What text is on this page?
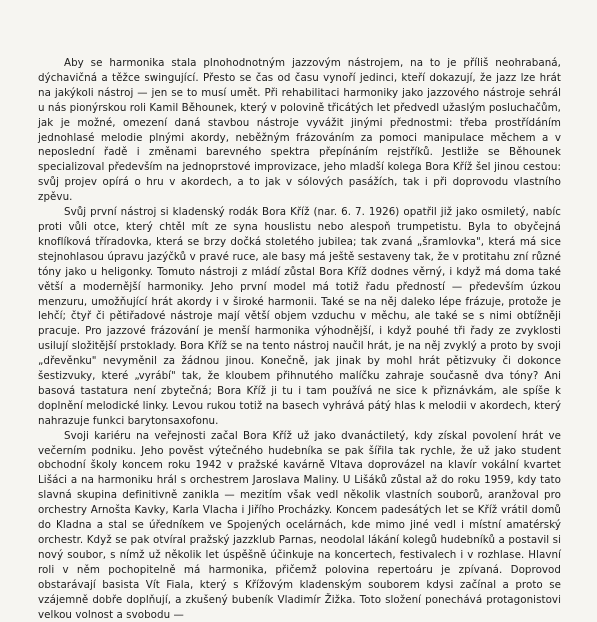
Aby se harmonika stala plnohodnotným jazzovým nástrojem, na to je příliš neohrabaná, dýchavičná a těžce swingující. Přesto se čas od času vynoří jedinci, kteří dokazují, že jazz lze hrát na jakýkoli nástroj — jen se to musí umět. Při rehabilitaci harmoniky jako jazzového nástroje sehrál u nás pionýrskou roli Kamil Běhounek, který v polovině třicátých let předvedl užaslým posluchačům, jak je možné, omezení daná stavbou nástroje vyvážit jinými přednostmi: třeba prostřídáním jednohlasé melodie plnými akordy, neběžným frázováním za pomoci manipulace měchem a v neposlední řadě i změnami barevného spektra přepínáním rejstříků. Jestliže se Běhounek specializoval především na jednoprstové improvizace, jeho mladší kolega Bora Kříž šel jinou cestou: svůj projev opírá o hru v akordech, a to jak v sólových pasážích, tak i při doprovodu vlastního zpěvu.

Svůj první nástroj si kladenský rodák Bora Kříž (nar. 6. 7. 1926) opatřil již jako osmiletý, nabíc proti vůli otce, který chtěl mít ze syna houslistu nebo alespoň trumpetistu. Byla to obyčejná knoflíková tříradovka, která se brzy dočká stoletého jubilea; tak zvaná „šramlovka", která má sice stejnohlasou úpravu jazýčků v pravé ruce, ale basy má ještě sestaveny tak, že v protitahu zní různé tóny jako u heligonky. Tomuto nástroji z mládí zůstal Bora Kříž dodnes věrný, i když má doma také větší a modernější harmoniky. Jeho první model má totiž řadu předností — především úzkou menzuru, umožňující hrát akordy i v široké harmonii. Také se na něj daleko lépe frázuje, protože je lehčí; čtyř či pětiřadové nástroje mají větší objem vzduchu v měchu, ale také se s nimi obtížněji pracuje. Pro jazzové frázování je menší harmonika výhodnější, i když pouhé tři řady ze zvyklosti usilují složitější prstoklady. Bora Kříž se na tento nástroj naučil hrát, je na něj zvyklý a proto by svoji „dřevěnku" nevyměnil za žádnou jinou. Konečně, jak jinak by mohl hrát pětizvuky či dokonce šestizvuky, které „vyrábí" tak, že kloubem přihnutého malíčku zahraje současně dva tóny? Ani basová tastatura není zbytečná; Bora Kříž ji tu i tam používá ne sice k přiznávkám, ale spíše k doplnění melodické linky. Levou rukou totiž na basech vyhrává pátý hlas k melodii v akordech, který nahrazuje funkci barytonsaxofonu.

Svoji kariéru na veřejnosti začal Bora Kříž už jako dvanáctiletý, kdy získal povolení hrát ve večerním podniku. Jeho pověst výtečného hudebníka se pak šířila tak rychle, že už jako student obchodní školy koncem roku 1942 v pražské kavárně Vltava doprovázel na klavír vokální kvartet Lišáci a na harmoniku hrál s orchestrem Jaroslava Maliny. U Lišáků zůstal až do roku 1959, kdy tato slavná skupina definitivně zanikla — mezitím však vedl několik vlastních souborů, aranžoval pro orchestry Arnošta Kavky, Karla Vlacha i Jiřího Procházky. Koncem padesátých let se Kříž vrátil domů do Kladna a stal se úředníkem ve Spojených ocelárnách, kde mimo jiné vedl i místní amatérský orchestr. Když se pak otvíral pražský jazzklub Parnas, neodolal lákání kolegů hudebníků a postavil si nový soubor, s nímž už několik let úspěšně účinkuje na koncertech, festivalech i v rozhlase. Hlavní roli v něm pochopitelně má harmonika, přičemž polovina repertoáru je zpívaná. Doprovod obstarávají basista Vít Fiala, který s Křížovým kladenským souborem kdysi začínal a proto se vzájemně dobře doplňují, a zkušený bubeník Vladimír Žižka. Toto složení ponechává protagonistovi velkou volnost a svobodu —
